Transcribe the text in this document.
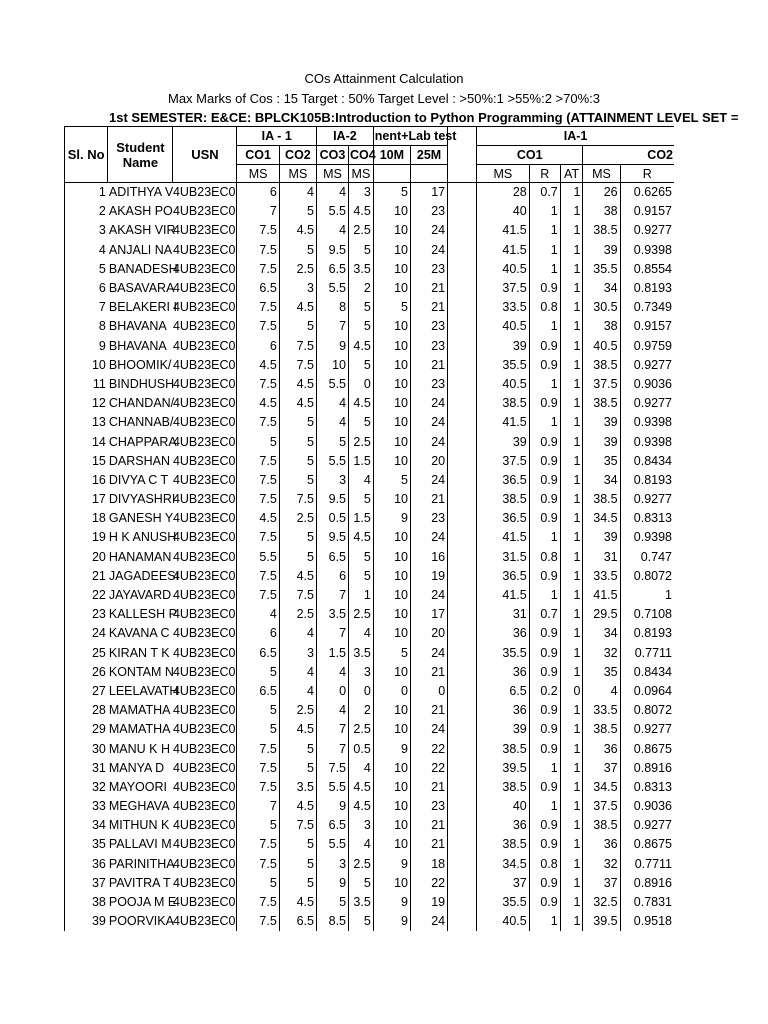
COs Attainment Calculation
Max Marks of Cos : 15 Target : 50% Target Level : >50%:1 >55%:2 >70%:3
1st SEMESTER: E&CE: BPLCK105B:Introduction to Python Programming (ATTAINMENT LEVEL SET =
Sl. No	Student Name	USN	IA - 1		IA-2		nent+Lab test			IA-1				
			CO1	CO2	CO3	CO4	10M	25M		CO1			CO2	
			MS	MS	MS	MS				MS	R	AT	MS	R
1	ADITHYA V	4UB23EC0	6	4	4	3	5	17		28	0.7	1	26	0.6265
2	AKASH PO	4UB23EC0	7	5	5.5	4.5	10	23		40	1	1	38	0.9157
3	AKASH VIR	4UB23EC0	7.5	4.5	4	2.5	10	24		41.5	1	1	38.5	0.9277
4	ANJALI NA	4UB23EC0	7.5	5	9.5	5	10	24		41.5	1	1	39	0.9398
5	BANADESH	4UB23EC0	7.5	2.5	6.5	3.5	10	23		40.5	1	1	35.5	0.8554
6	BASAVARA	4UB23EC0	6.5	3	5.5	2	10	21		37.5	0.9	1	34	0.8193
7	BELAKERI I	4UB23EC0	7.5	4.5	8	5	5	21		33.5	0.8	1	30.5	0.7349
8	BHAVANA	4UB23EC0	7.5	5	7	5	10	23		40.5	1	1	38	0.9157
9	BHAVANA	4UB23EC0	6	7.5	9	4.5	10	23		39	0.9	1	40.5	0.9759
10	BHOOMIK/	4UB23EC0	4.5	7.5	10	5	10	21		35.5	0.9	1	38.5	0.9277
11	BINDHUSH	4UB23EC0	7.5	4.5	5.5	0	10	23		40.5	1	1	37.5	0.9036
12	CHANDAN/	4UB23EC0	4.5	4.5	4	4.5	10	24		38.5	0.9	1	38.5	0.9277
13	CHANNAB/	4UB23EC0	7.5	5	4	5	10	24		41.5	1	1	39	0.9398
14	CHAPPARA	4UB23EC0	5	5	5	2.5	10	24		39	0.9	1	39	0.9398
15	DARSHAN	4UB23EC0	7.5	5	5.5	1.5	10	20		37.5	0.9	1	35	0.8434
16	DIVYA C T	4UB23EC0	7.5	5	3	4	5	24		36.5	0.9	1	34	0.8193
17	DIVYASHRI	4UB23EC0	7.5	7.5	9.5	5	10	21		38.5	0.9	1	38.5	0.9277
18	GANESH Y	4UB23EC0	4.5	2.5	0.5	1.5	9	23		36.5	0.9	1	34.5	0.8313
19	H K ANUSH	4UB23EC0	7.5	5	9.5	4.5	10	24		41.5	1	1	39	0.9398
20	HANAMAN	4UB23EC0	5.5	5	6.5	5	10	16		31.5	0.8	1	31	0.747
21	JAGADEESI	4UB23EC0	7.5	4.5	6	5	10	19		36.5	0.9	1	33.5	0.8072
22	JAYAVARD	4UB23EC0	7.5	7.5	7	1	10	24		41.5	1	1	41.5	1
23	KALLESH P	4UB23EC0	4	2.5	3.5	2.5	10	17		31	0.7	1	29.5	0.7108
24	KAVANA C	4UB23EC0	6	4	7	4	10	20		36	0.9	1	34	0.8193
25	KIRAN T K	4UB23EC0	6.5	3	1.5	3.5	5	24		35.5	0.9	1	32	0.7711
26	KONTAM N	4UB23EC0	5	4	4	3	10	21		36	0.9	1	35	0.8434
27	LEELAVATH	4UB23EC0	6.5	4	0	0	0	0		6.5	0.2	0	4	0.0964
28	MAMATHA	4UB23EC0	5	2.5	4	2	10	21		36	0.9	1	33.5	0.8072
29	MAMATHA	4UB23EC0	5	4.5	7	2.5	10	24		39	0.9	1	38.5	0.9277
30	MANU K H	4UB23EC0	7.5	5	7	0.5	9	22		38.5	0.9	1	36	0.8675
31	MANYA D	4UB23EC0	7.5	5	7.5	4	10	22		39.5	1	1	37	0.8916
32	MAYOORI	4UB23EC0	7.5	3.5	5.5	4.5	10	21		38.5	0.9	1	34.5	0.8313
33	MEGHAVA	4UB23EC0	7	4.5	9	4.5	10	23		40	1	1	37.5	0.9036
34	MITHUN K	4UB23EC0	5	7.5	6.5	3	10	21		36	0.9	1	38.5	0.9277
35	PALLAVI M	4UB23EC0	7.5	5	5.5	4	10	21		38.5	0.9	1	36	0.8675
36	PARINITHA	4UB23EC0	7.5	5	3	2.5	9	18		34.5	0.8	1	32	0.7711
37	PAVITRA T	4UB23EC0	5	5	9	5	10	22		37	0.9	1	37	0.8916
38	POOJA M E	4UB23EC0	7.5	4.5	5	3.5	9	19		35.5	0.9	1	32.5	0.7831
39	POORVIKA	4UB23EC0	7.5	6.5	8.5	5	9	24		40.5	1	1	39.5	0.9518
